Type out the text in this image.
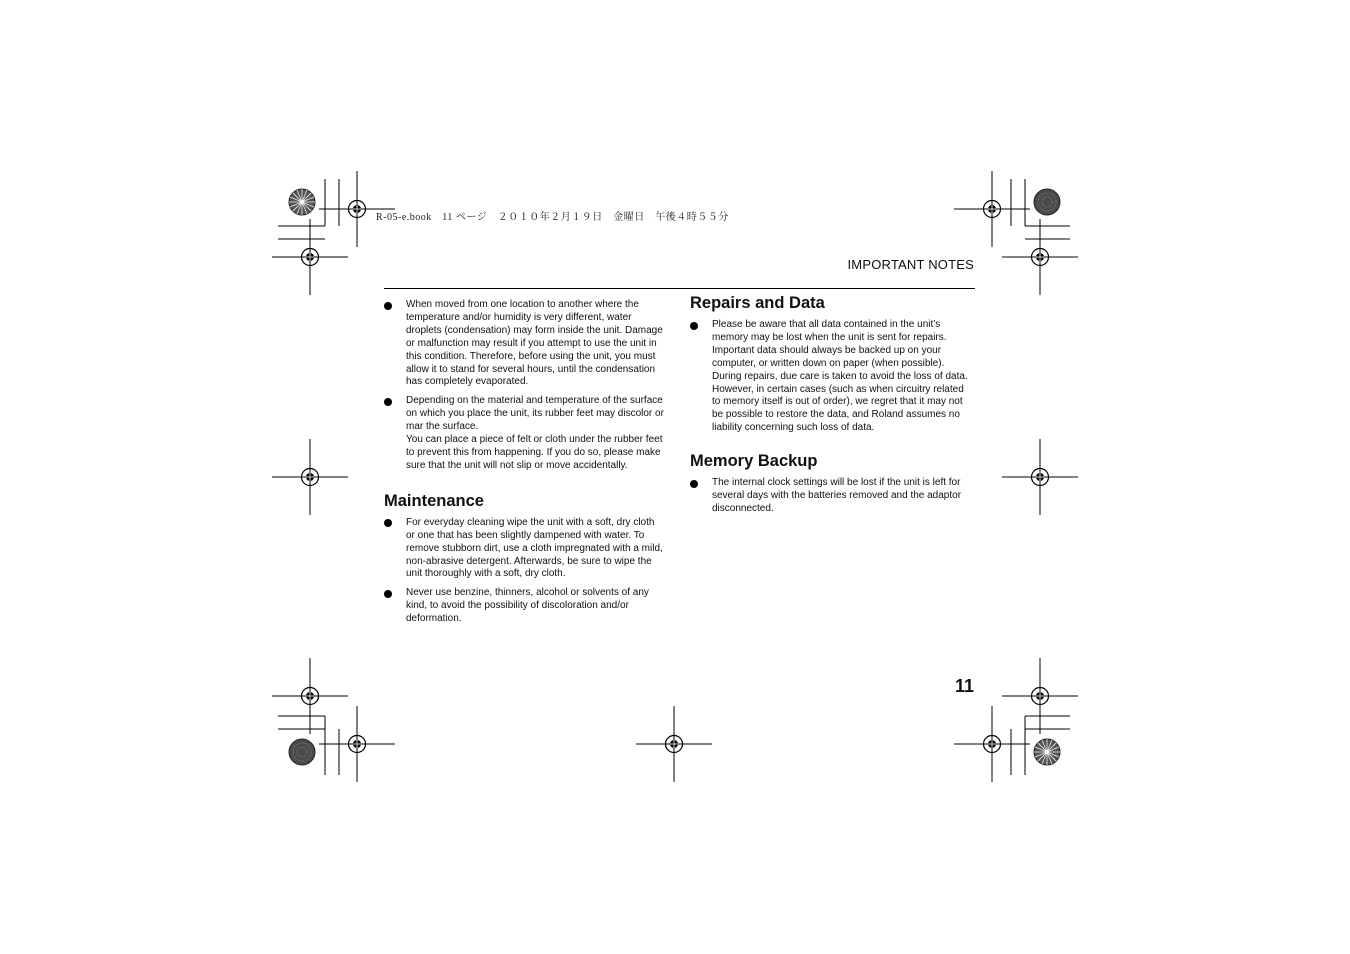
R-05-e.book　11 ページ　２０１０年２月１９日　金曜日　午後４時５５分
IMPORTANT NOTES

When moved from one location to another where the temperature and/or humidity is very different, water droplets (condensation) may form inside the unit. Damage or malfunction may result if you attempt to use the unit in this condition. Therefore, before using the unit, you must allow it to stand for several hours, until the condensation has completely evaporated.

Depending on the material and temperature of the surface on which you place the unit, its rubber feet may discolor or mar the surface.

You can place a piece of felt or cloth under the rubber feet to prevent this from happening. If you do so, please make sure that the unit will not slip or move accidentally.

Maintenance

For everyday cleaning wipe the unit with a soft, dry cloth or one that has been slightly dampened with water. To remove stubborn dirt, use a cloth impregnated with a mild, non-abrasive detergent. Afterwards, be sure to wipe the unit thoroughly with a soft, dry cloth.

Never use benzine, thinners, alcohol or solvents of any kind, to avoid the possibility of discoloration and/or deformation.

Repairs and Data

Please be aware that all data contained in the unit’s memory may be lost when the unit is sent for repairs. Important data should always be backed up on your computer, or written down on paper (when possible). During repairs, due care is taken to avoid the loss of data. However, in certain cases (such as when circuitry related to memory itself is out of order), we regret that it may not be possible to restore the data, and Roland assumes no liability concerning such loss of data.

Memory Backup

The internal clock settings will be lost if the unit is left for several days with the batteries removed and the adaptor disconnected.

11
